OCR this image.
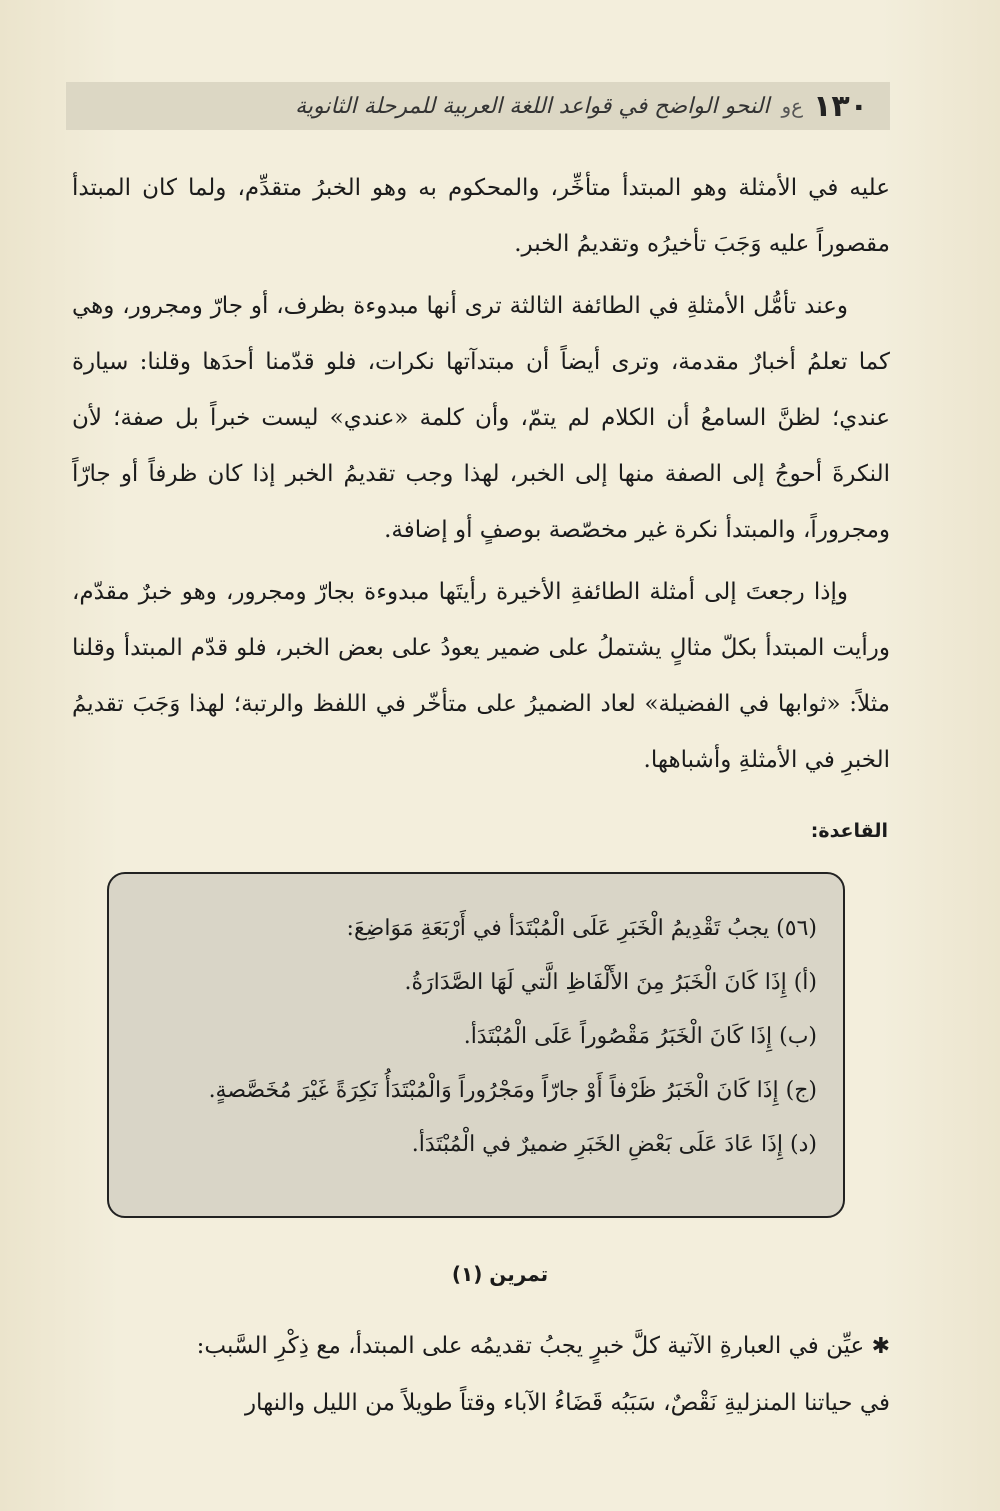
١٣٠
ﻉﻭ
النحو الواضح في قواعد اللغة العربية للمرحلة الثانوية

عليه في الأمثلة وهو المبتدأ متأخِّر، والمحكوم به وهو الخبرُ متقدِّم، ولما كان المبتدأ مقصوراً عليه وَجَبَ تأخيرُه وتقديمُ الخبر.

وعند تأمُّل الأمثلةِ في الطائفة الثالثة ترى أنها مبدوءة بظرف، أو جارّ ومجرور، وهي كما تعلمُ أخبارٌ مقدمة، وترى أيضاً أن مبتدآتها نكرات، فلو قدّمنا أحدَها وقلنا: سيارة عندي؛ لظنَّ السامعُ أن الكلام لم يتمّ، وأن كلمة «عندي» ليست خبراً بل صفة؛ لأن النكرةَ أحوجُ إلى الصفة منها إلى الخبر، لهذا وجب تقديمُ الخبر إذا كان ظرفاً أو جارّاً ومجروراً، والمبتدأ نكرة غير مخصّصة بوصفٍ أو إضافة.

وإذا رجعتَ إلى أمثلة الطائفةِ الأخيرة رأيتَها مبدوءة بجارّ ومجرور، وهو خبرٌ مقدّم، ورأيت المبتدأ بكلّ مثالٍ يشتملُ على ضمير يعودُ على بعض الخبر، فلو قدّم المبتدأ وقلنا مثلاً: «ثوابها في الفضيلة» لعاد الضميرُ على متأخّر في اللفظ والرتبة؛ لهذا وَجَبَ تقديمُ الخبرِ في الأمثلةِ وأشباهها.

القاعدة:

(٥٦) يجبُ تَقْدِيمُ الْخَبَرِ عَلَى الْمُبْتَدَأ في أَرْبَعَةِ مَوَاضِعَ:

(أ) إِذَا كَانَ الْخَبَرُ مِنَ الأَلْفَاظِ الَّتي لَهَا الصَّدَارَةُ.

(ب) إِذَا كَانَ الْخَبَرُ مَقْصُوراً عَلَى الْمُبْتَدَأ.

(ج) إِذَا كَانَ الْخَبَرُ ظَرْفاً أَوْ جارّاً ومَجْرُوراً وَالْمُبْتَدَأُ نَكِرَةً غَيْرَ مُخَصَّصةٍ.

(د) إِذَا عَادَ عَلَى بَعْضِ الخَبَرِ ضميرٌ في الْمُبْتَدَأ.

تمرين (١)

✱ عيِّن في العبارةِ الآتية كلَّ خبرٍ يجبُ تقديمُه على المبتدأ، مع ذِكْرِ السَّبب:

في حياتنا المنزليةِ نَقْصٌ، سَبَبُه قَضَاءُ الآباء وقتاً طويلاً من الليل والنهار
